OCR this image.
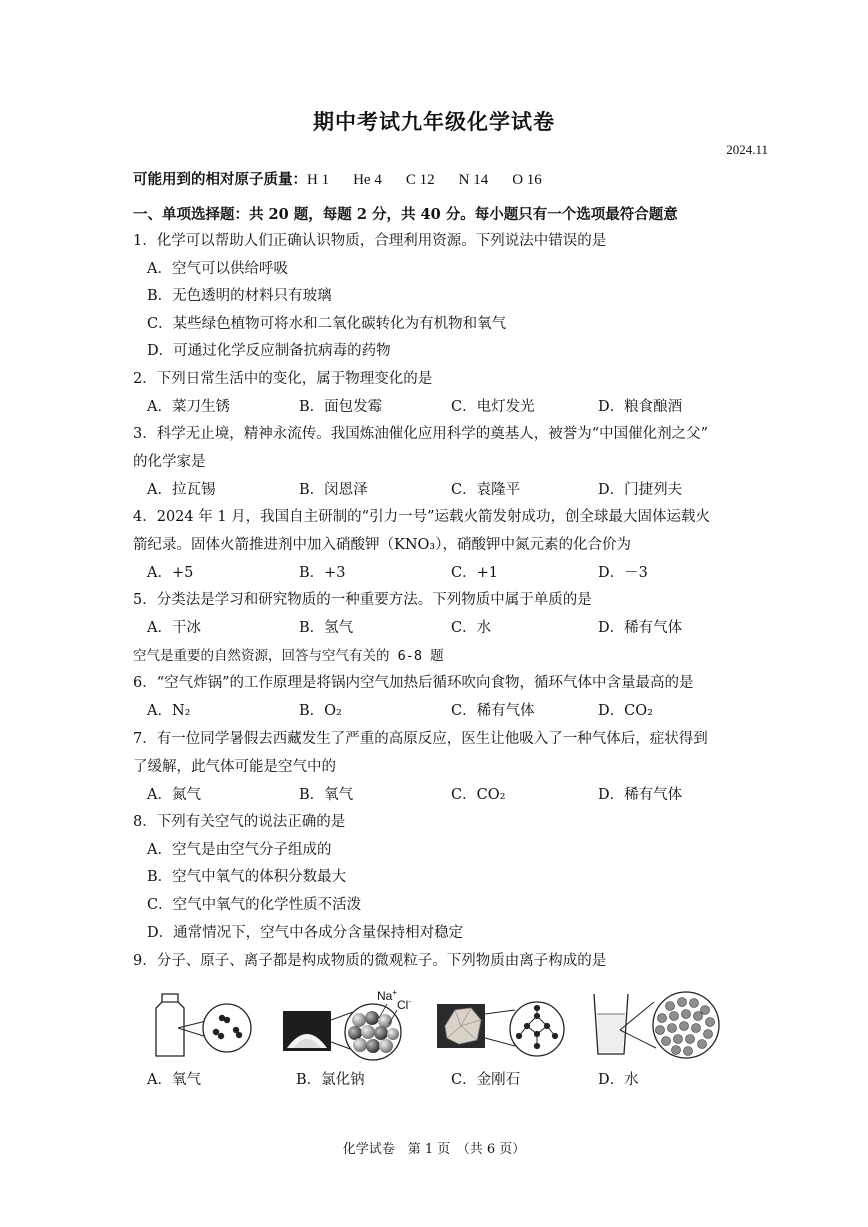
期中考试九年级化学试卷
2024.11
可能用到的相对原子质量：H 1 He 4 C 12 N 14 O 16
一、单项选择题：共 20 题，每题 2 分，共 40 分。每小题只有一个选项最符合题意
1．化学可以帮助人们正确认识物质，合理利用资源。下列说法中错误的是
A．空气可以供给呼吸
B．无色透明的材料只有玻璃
C．某些绿色植物可将水和二氧化碳转化为有机物和氧气
D．可通过化学反应制备抗病毒的药物
2．下列日常生活中的变化，属于物理变化的是
A．菜刀生锈	B．面包发霉	C．电灯发光	D．粮食酿酒
3．科学无止境，精神永流传。我国炼油催化应用科学的奠基人，被誉为“中国催化剂之父”
的化学家是
A．拉瓦锡	B．闵恩泽	C．袁隆平	D．门捷列夫
4．2024 年 1 月，我国自主研制的“引力一号”运载火箭发射成功，创全球最大固体运载火
箭纪录。固体火箭推进剂中加入硝酸钾（KNO₃），硝酸钾中氮元素的化合价为
A．+5	B．+3	C．+1	D．－3
5．分类法是学习和研究物质的一种重要方法。下列物质中属于单质的是
A．干冰	B．氢气	C．水	D．稀有气体
空气是重要的自然资源，回答与空气有关的 6-8 题
6．“空气炸锅”的工作原理是将锅内空气加热后循环吹向食物，循环气体中含量最高的是
A．N₂	B．O₂	C．稀有气体	D．CO₂
7．有一位同学暑假去西藏发生了严重的高原反应，医生让他吸入了一种气体后，症状得到
了缓解，此气体可能是空气中的
A．氮气	B．氧气	C．CO₂	D．稀有气体
8．下列有关空气的说法正确的是
A．空气是由空气分子组成的
B．空气中氧气的体积分数最大
C．空气中氧气的化学性质不活泼
D．通常情况下，空气中各成分含量保持相对稳定
9．分子、原子、离子都是构成物质的微观粒子。下列物质由离子构成的是
Na+
Cl-
A．氧气	B．氯化钠	C．金刚石	D．水
化学试卷　第 1 页　（共 6 页）
